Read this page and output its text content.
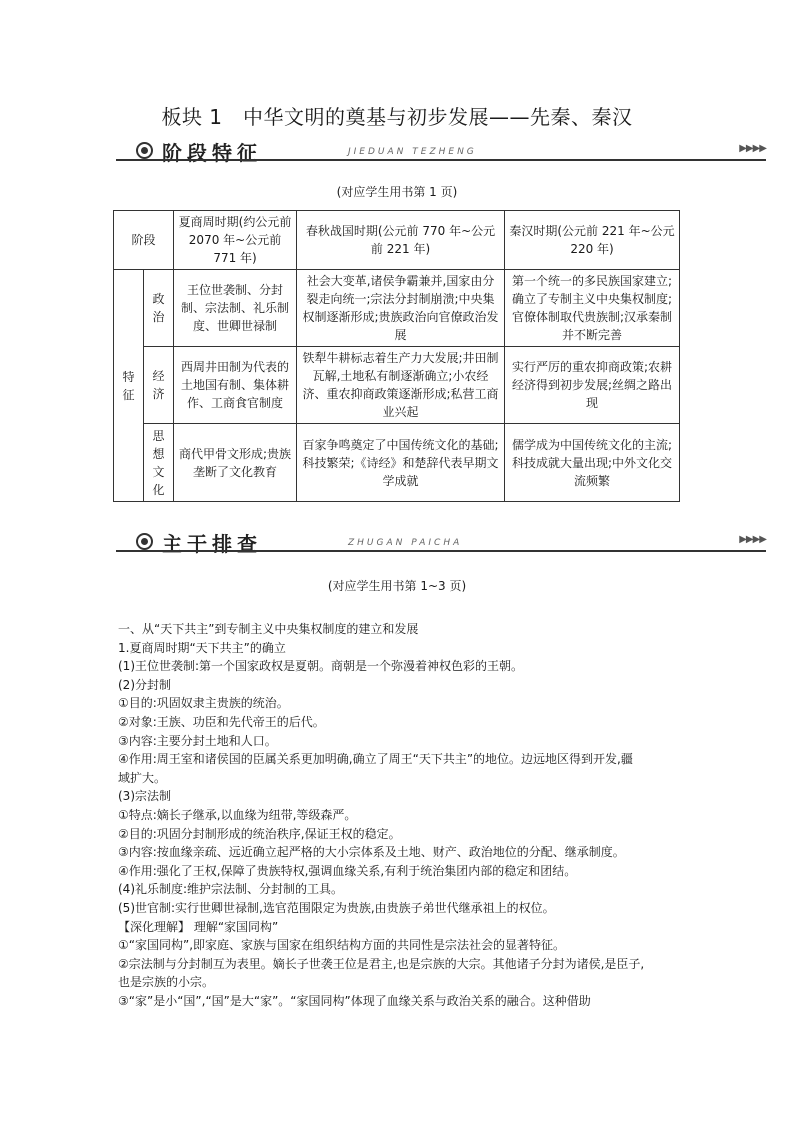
板块 1　中华文明的奠基与初步发展——先秦、秦汉
阶段特征	JIEDUAN TEZHENG	▶▶▶▶
(对应学生用书第 1 页)
阶段		夏商周时期(约公元前 2070 年~公元前 771 年)	春秋战国时期(公元前 770 年~公元前 221 年)	秦汉时期(公元前 221 年~公元 220 年)
特征	政治	王位世袭制、分封制、宗法制、礼乐制度、世卿世禄制	社会大变革,诸侯争霸兼并,国家由分裂走向统一;宗法分封制崩溃;中央集权制逐渐形成;贵族政治向官僚政治发展	第一个统一的多民族国家建立;确立了专制主义中央集权制度;官僚体制取代贵族制;汉承秦制并不断完善
	经济	西周井田制为代表的土地国有制、集体耕作、工商食官制度	铁犁牛耕标志着生产力大发展;井田制瓦解,土地私有制逐渐确立;小农经济、重农抑商政策逐渐形成;私营工商业兴起	实行严厉的重农抑商政策;农耕经济得到初步发展;丝绸之路出现
	思想文化	商代甲骨文形成;贵族垄断了文化教育	百家争鸣奠定了中国传统文化的基础;科技繁荣;《诗经》和楚辞代表早期文学成就	儒学成为中国传统文化的主流;科技成就大量出现;中外文化交流频繁
主干排查	ZHUGAN PAICHA	▶▶▶▶
(对应学生用书第 1~3 页)

一、从“天下共主”到专制主义中央集权制度的建立和发展

1.夏商周时期“天下共主”的确立

(1)王位世袭制:第一个国家政权是夏朝。商朝是一个弥漫着神权色彩的王朝。

(2)分封制

①目的:巩固奴隶主贵族的统治。

②对象:王族、功臣和先代帝王的后代。

③内容:主要分封土地和人口。

④作用:周王室和诸侯国的臣属关系更加明确,确立了周王“天下共主”的地位。边远地区得到开发,疆

域扩大。

(3)宗法制

①特点:嫡长子继承,以血缘为纽带,等级森严。

②目的:巩固分封制形成的统治秩序,保证王权的稳定。

③内容:按血缘亲疏、远近确立起严格的大小宗体系及土地、财产、政治地位的分配、继承制度。

④作用:强化了王权,保障了贵族特权,强调血缘关系,有利于统治集团内部的稳定和团结。

(4)礼乐制度:维护宗法制、分封制的工具。

(5)世官制:实行世卿世禄制,选官范围限定为贵族,由贵族子弟世代继承祖上的权位。

【深化理解】 理解“家国同构”

①“家国同构”,即家庭、家族与国家在组织结构方面的共同性是宗法社会的显著特征。

②宗法制与分封制互为表里。嫡长子世袭王位是君主,也是宗族的大宗。其他诸子分封为诸侯,是臣子,

也是宗族的小宗。

③“家”是小“国”,“国”是大“家”。“家国同构”体现了血缘关系与政治关系的融合。这种借助
